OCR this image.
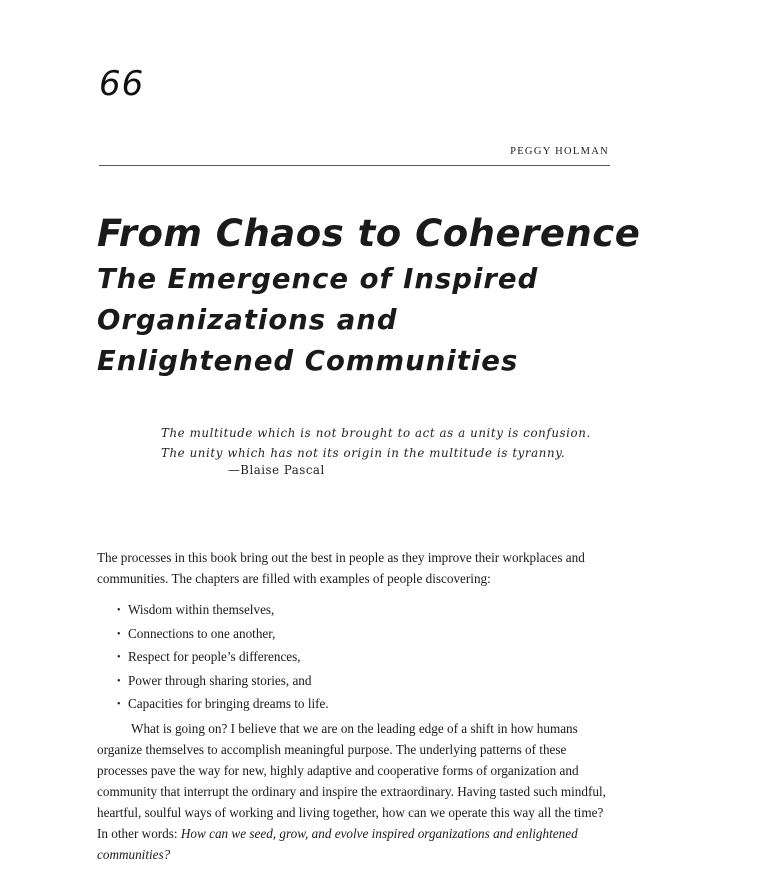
66
PEGGY HOLMAN
From Chaos to Coherence
The Emergence of Inspired
Organizations and
Enlightened Communities

The multitude which is not brought to act as a unity is confusion. The unity which has not its origin in the multitude is tyranny.

—Blaise Pascal

The processes in this book bring out the best in people as they improve their workplaces and communities. The chapters are filled with examples of people discovering:

• Wisdom within themselves,
• Connections to one another,
• Respect for people’s differences,
• Power through sharing stories, and
• Capacities for bringing dreams to life.

What is going on? I believe that we are on the leading edge of a shift in how humans organize themselves to accomplish meaningful purpose. The underlying patterns of these processes pave the way for new, highly adaptive and cooperative forms of organization and community that interrupt the ordinary and inspire the extraordinary. Having tasted such mindful, heartful, soulful ways of working and living together, how can we operate this way all the time? In other words: How can we seed, grow, and evolve inspired organizations and enlightened communities?
